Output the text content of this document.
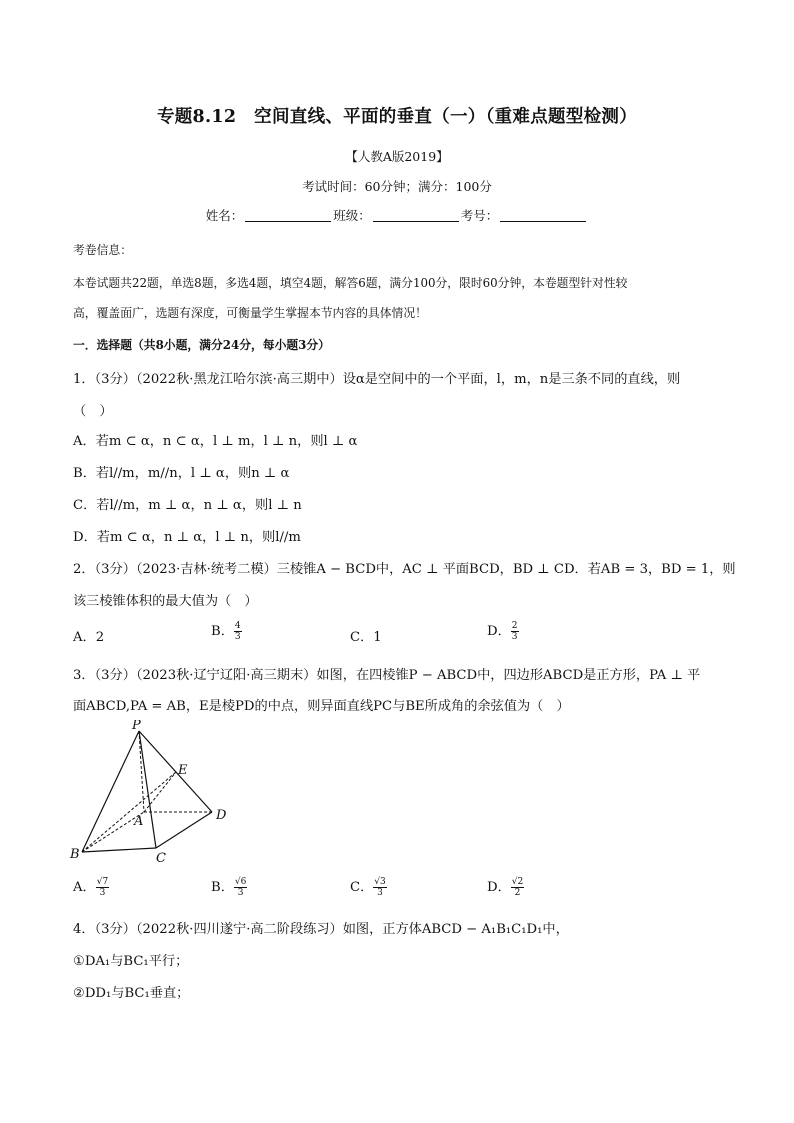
专题8.12　空间直线、平面的垂直（一）（重难点题型检测）
【人教A版2019】
考试时间：60分钟；满分：100分
姓名：	班级：	考号：
考卷信息：
本卷试题共22题，单选8题，多选4题，填空4题，解答6题，满分100分，限时60分钟，本卷题型针对性较
高，覆盖面广，选题有深度，可衡量学生掌握本节内容的具体情况！
一．选择题（共8小题，满分24分，每小题3分）
1．（3分）（2022秋·黑龙江哈尔滨·高三期中）设α是空间中的一个平面，l，m，n是三条不同的直线，则
（　）
A．若m ⊂ α，n ⊂ α，l ⊥ m，l ⊥ n，则l ⊥ α
B．若l//m，m//n，l ⊥ α，则n ⊥ α
C．若l//m，m ⊥ α，n ⊥ α，则l ⊥ n
D．若m ⊂ α，n ⊥ α，l ⊥ n，则l//m
2．（3分）（2023·吉林·统考二模）三棱锥A − BCD中，AC ⊥ 平面BCD，BD ⊥ CD．若AB = 3，BD = 1，则
该三棱锥体积的最大值为（　）
A．2	B． $\frac{4}{3}$	C．1	D． $\frac{2}{3}$
3．（3分）（2023秋·辽宁辽阳·高三期末）如图，在四棱锥P − ABCD中，四边形ABCD是正方形，PA ⊥ 平
面ABCD,PA = AB，E是棱PD的中点，则异面直线PC与BE所成角的余弦值为（　）
P
E
A	D
B	C
A． $\frac{√7}{3}$	B． $\frac{√6}{3}$	C． $\frac{√3}{3}$	D． $\frac{√2}{2}$
4．（3分）（2022秋·四川遂宁·高二阶段练习）如图，正方体ABCD − A₁B₁C₁D₁中，
①DA₁与BC₁平行；
②DD₁与BC₁垂直；
